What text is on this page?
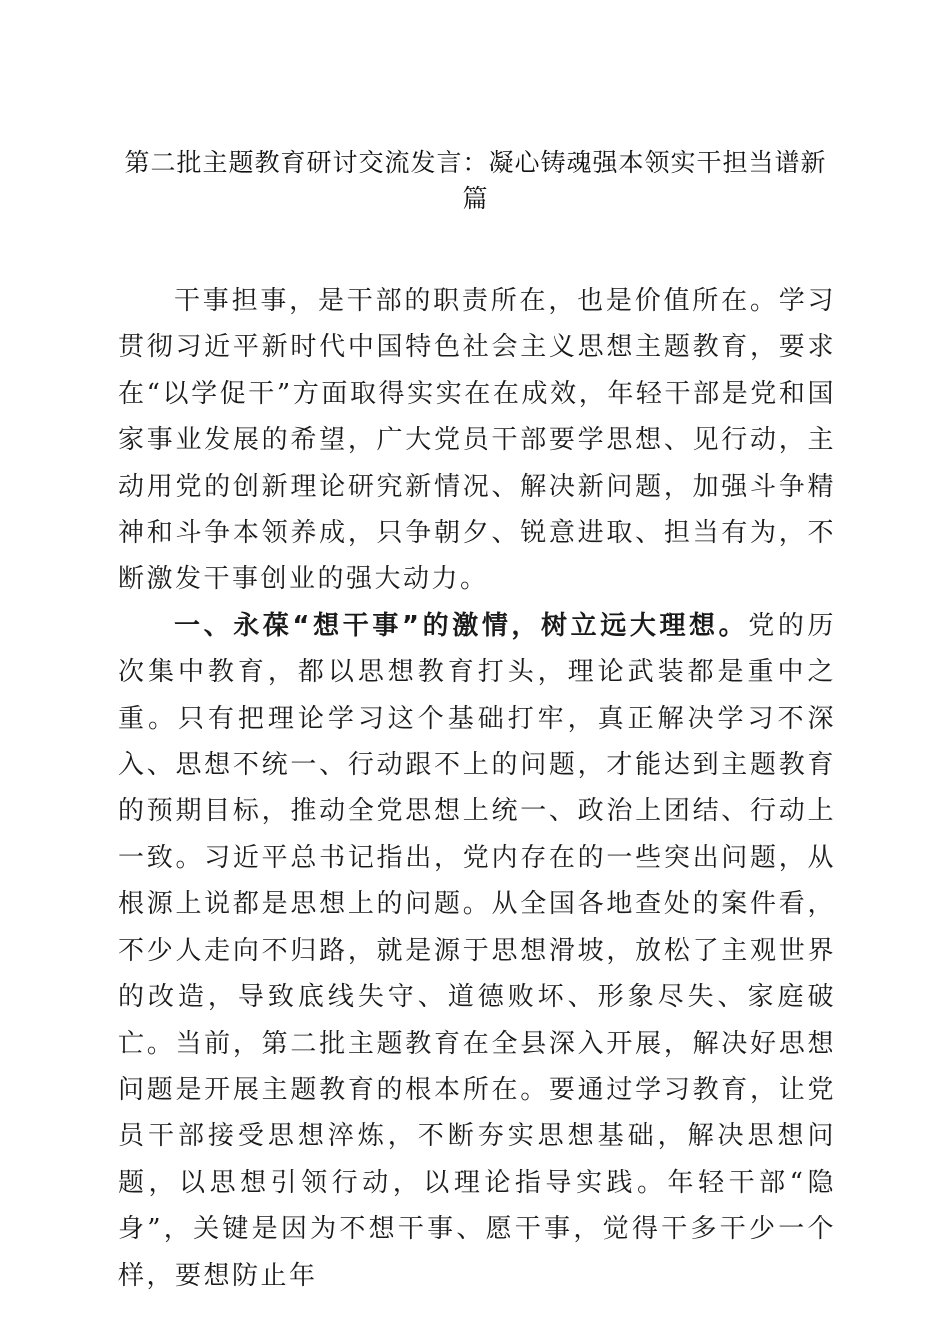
第二批主题教育研讨交流发言：凝心铸魂强本领实干担当谱新篇

干事担事，是干部的职责所在，也是价值所在。学习贯彻习近平新时代中国特色社会主义思想主题教育，要求在“以学促干”方面取得实实在在成效，年轻干部是党和国家事业发展的希望，广大党员干部要学思想、见行动，主动用党的创新理论研究新情况、解决新问题，加强斗争精神和斗争本领养成，只争朝夕、锐意进取、担当有为，不断激发干事创业的强大动力。

一、永葆“想干事”的激情，树立远大理想。党的历次集中教育，都以思想教育打头，理论武装都是重中之重。只有把理论学习这个基础打牢，真正解决学习不深入、思想不统一、行动跟不上的问题，才能达到主题教育的预期目标，推动全党思想上统一、政治上团结、行动上一致。习近平总书记指出，党内存在的一些突出问题，从根源上说都是思想上的问题。从全国各地查处的案件看，不少人走向不归路，就是源于思想滑坡，放松了主观世界的改造，导致底线失守、道德败坏、形象尽失、家庭破亡。当前，第二批主题教育在全县深入开展，解决好思想问题是开展主题教育的根本所在。要通过学习教育，让党员干部接受思想淬炼，不断夯实思想基础，解决思想问题，以思想引领行动，以理论指导实践。年轻干部“隐身”，关键是因为不想干事、愿干事，觉得干多干少一个样，要想防止年
